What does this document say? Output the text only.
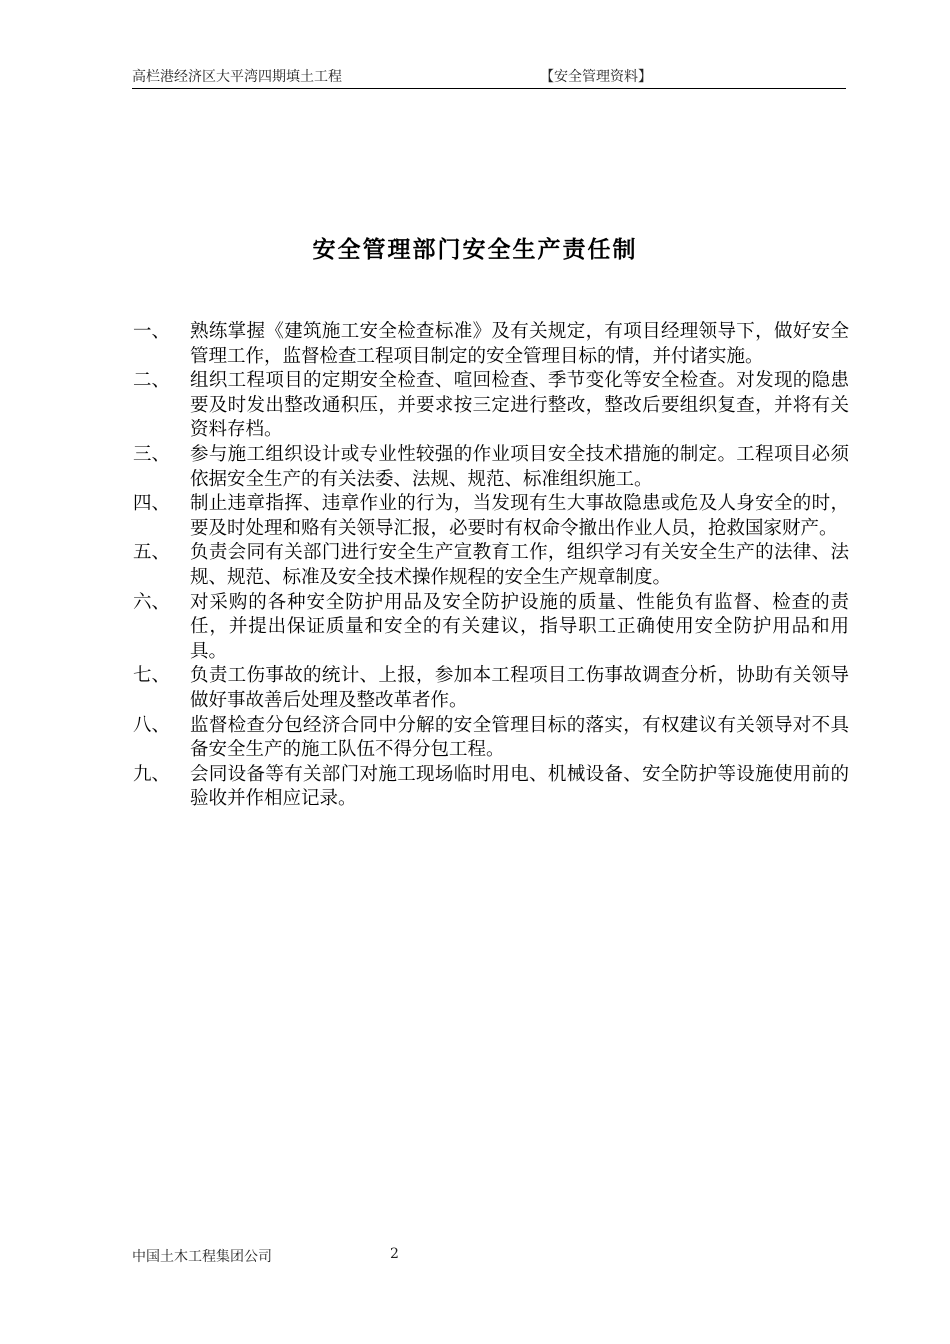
高栏港经济区大平湾四期填土工程	【安全管理资料】
安全管理部门安全生产责任制
一、 熟练掌握《建筑施工安全检查标准》及有关规定，有项目经理领导下，做好安全管理工作，监督检查工程项目制定的安全管理目标的情，并付诸实施。
二、 组织工程项目的定期安全检查、喧回检查、季节变化等安全检查。对发现的隐患要及时发出整改通积压，并要求按三定进行整改，整改后要组织复查，并将有关资料存档。
三、 参与施工组织设计或专业性较强的作业项目安全技术措施的制定。工程项目必须依据安全生产的有关法委、法规、规范、标准组织施工。
四、 制止违章指挥、违章作业的行为，当发现有生大事故隐患或危及人身安全的时，要及时处理和赂有关领导汇报，必要时有权命令撤出作业人员，抢救国家财产。
五、 负责会同有关部门进行安全生产宣教育工作，组织学习有关安全生产的法律、法规、规范、标准及安全技术操作规程的安全生产规章制度。
六、 对采购的各种安全防护用品及安全防护设施的质量、性能负有监督、检查的责任，并提出保证质量和安全的有关建议，指导职工正确使用安全防护用品和用具。
七、 负责工伤事故的统计、上报，参加本工程项目工伤事故调查分析，协助有关领导做好事故善后处理及整改革者作。
八、 监督检查分包经济合同中分解的安全管理目标的落实，有权建议有关领导对不具备安全生产的施工队伍不得分包工程。
九、 会同设备等有关部门对施工现场临时用电、机械设备、安全防护等设施使用前的验收并作相应记录。
中国土木工程集团公司	2
